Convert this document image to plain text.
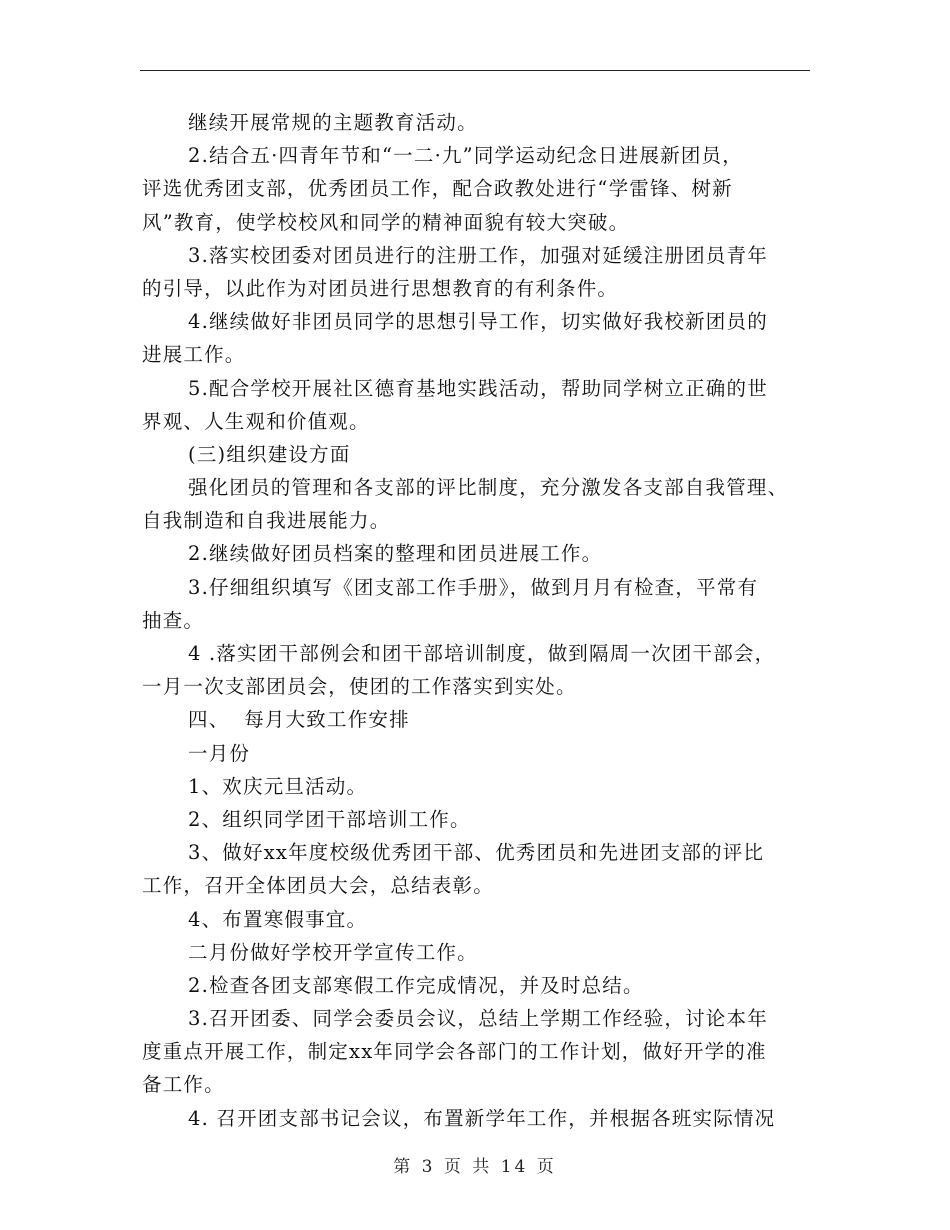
继续开展常规的主题教育活动。
2.结合五·四青年节和“一二·九”同学运动纪念日进展新团员，
评选优秀团支部，优秀团员工作，配合政教处进行“学雷锋、树新
风”教育，使学校校风和同学的精神面貌有较大突破。
3.落实校团委对团员进行的注册工作，加强对延缓注册团员青年
的引导，以此作为对团员进行思想教育的有利条件。
4.继续做好非团员同学的思想引导工作，切实做好我校新团员的
进展工作。
5.配合学校开展社区德育基地实践活动，帮助同学树立正确的世
界观、人生观和价值观。
(三)组织建设方面
强化团员的管理和各支部的评比制度，充分激发各支部自我管理、
自我制造和自我进展能力。
2.继续做好团员档案的整理和团员进展工作。
3.仔细组织填写《团支部工作手册》，做到月月有检查，平常有
抽查。
4 .落实团干部例会和团干部培训制度，做到隔周一次团干部会，
一月一次支部团员会，使团的工作落实到实处。
四、  每月大致工作安排
一月份
1、欢庆元旦活动。
2、组织同学团干部培训工作。
3、做好xx年度校级优秀团干部、优秀团员和先进团支部的评比
工作，召开全体团员大会，总结表彰。
4、布置寒假事宜。
二月份做好学校开学宣传工作。
2.检查各团支部寒假工作完成情况，并及时总结。
3.召开团委、同学会委员会议，总结上学期工作经验，讨论本年
度重点开展工作，制定xx年同学会各部门的工作计划，做好开学的准
备工作。
4. 召开团支部书记会议，布置新学年工作，并根据各班实际情况
第 3 页 共 14 页
